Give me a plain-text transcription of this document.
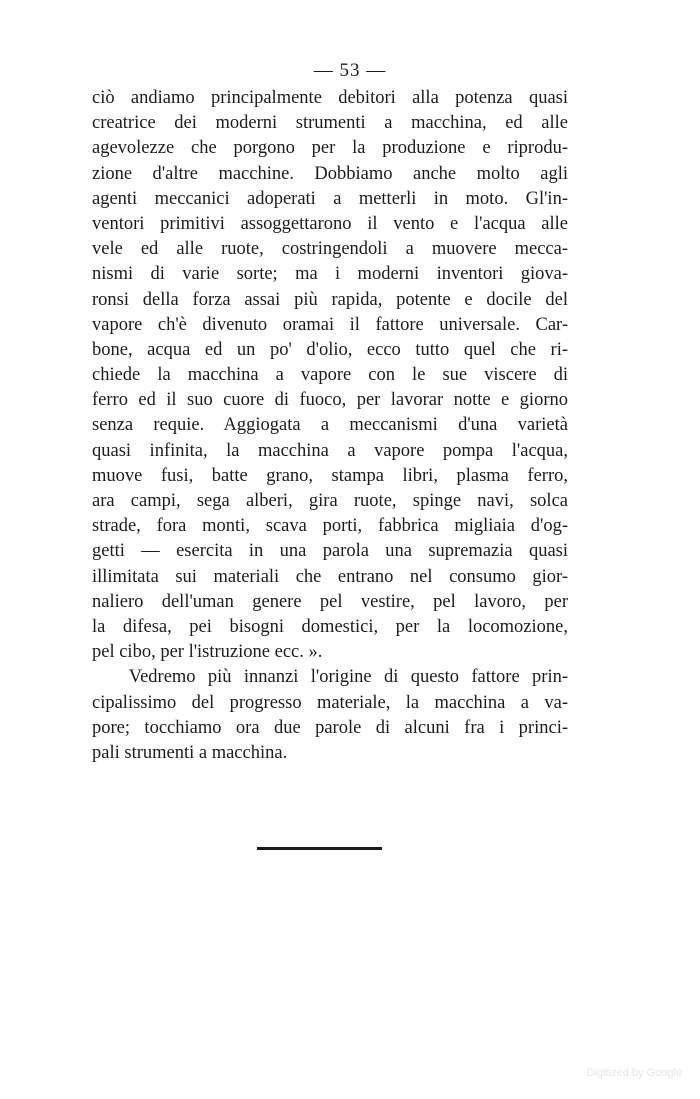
— 53 —
ciò andiamo principalmente debitori alla potenza quasi
creatrice dei moderni strumenti a macchina, ed alle
agevolezze che porgono per la produzione e riprodu-
zione d'altre macchine. Dobbiamo anche molto agli
agenti meccanici adoperati a metterli in moto. Gl'in-
ventori primitivi assoggettarono il vento e l'acqua alle
vele ed alle ruote, costringendoli a muovere mecca-
nismi di varie sorte; ma i moderni inventori giova-
ronsi della forza assai più rapida, potente e docile del
vapore ch'è divenuto oramai il fattore universale. Car-
bone, acqua ed un po' d'olio, ecco tutto quel che ri-
chiede la macchina a vapore con le sue viscere di
ferro ed il suo cuore di fuoco, per lavorar notte e giorno
senza requie. Aggiogata a meccanismi d'una varietà
quasi infinita, la macchina a vapore pompa l'acqua,
muove fusi, batte grano, stampa libri, plasma ferro,
ara campi, sega alberi, gira ruote, spinge navi, solca
strade, fora monti, scava porti, fabbrica migliaia d'og-
getti — esercita in una parola una supremazia quasi
illimitata sui materiali che entrano nel consumo gior-
naliero dell'uman genere pel vestire, pel lavoro, per
la difesa, pei bisogni domestici, per la locomozione,
pel cibo, per l'istruzione ecc. ».
Vedremo più innanzi l'origine di questo fattore prin-
cipalissimo del progresso materiale, la macchina a va-
pore; tocchiamo ora due parole di alcuni fra i princi-
pali strumenti a macchina.
Digitized by Google
